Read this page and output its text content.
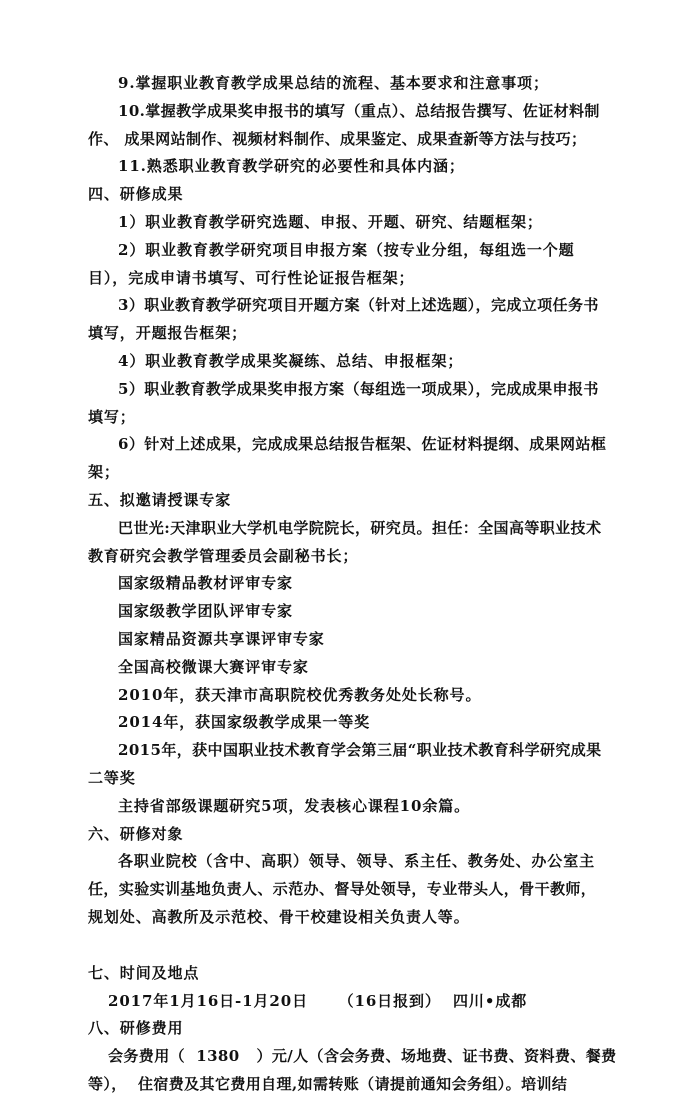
9.掌握职业教育教学成果总结的流程、基本要求和注意事项；
10.掌握教学成果奖申报书的填写（重点）、总结报告撰写、佐证材料制
作、 成果网站制作、视频材料制作、成果鉴定、成果查新等方法与技巧；
11.熟悉职业教育教学研究的必要性和具体内涵；
四、研修成果
1）职业教育教学研究选题、申报、开题、研究、结题框架；
2）职业教育教学研究项目申报方案（按专业分组，每组选一个题
目），完成申请书填写、可行性论证报告框架；
3）职业教育教学研究项目开题方案（针对上述选题），完成立项任务书
填写，开题报告框架；
4）职业教育教学成果奖凝练、总结、申报框架；
5）职业教育教学成果奖申报方案（每组选一项成果），完成成果申报书
填写；
6）针对上述成果，完成成果总结报告框架、佐证材料提纲、成果网站框
架；
五、拟邀请授课专家
巴世光:天津职业大学机电学院院长，研究员。担任：全国高等职业技术
教育研究会教学管理委员会副秘书长；
国家级精品教材评审专家
国家级教学团队评审专家
国家精品资源共享课评审专家
全国高校微课大赛评审专家
2010年，获天津市高职院校优秀教务处处长称号。
2014年，获国家级教学成果一等奖
2015年，获中国职业技术教育学会第三届“职业技术教育科学研究成果
二等奖
主持省部级课题研究5项，发表核心课程10余篇。
六、研修对象
各职业院校（含中、高职）领导、领导、系主任、教务处、办公室主
任，实验实训基地负责人、示范办、督导处领导，专业带头人，骨干教师，
规划处、高教所及示范校、骨干校建设相关负责人等。
七、时间及地点
2017年1月16日-1月20日     （16日报到）  四川•成都
八、研修费用
会务费用（  1380   ）元/人（含会务费、场地费、证书费、资料费、餐费
等），  住宿费及其它费用自理,如需转账（请提前通知会务组）。培训结
